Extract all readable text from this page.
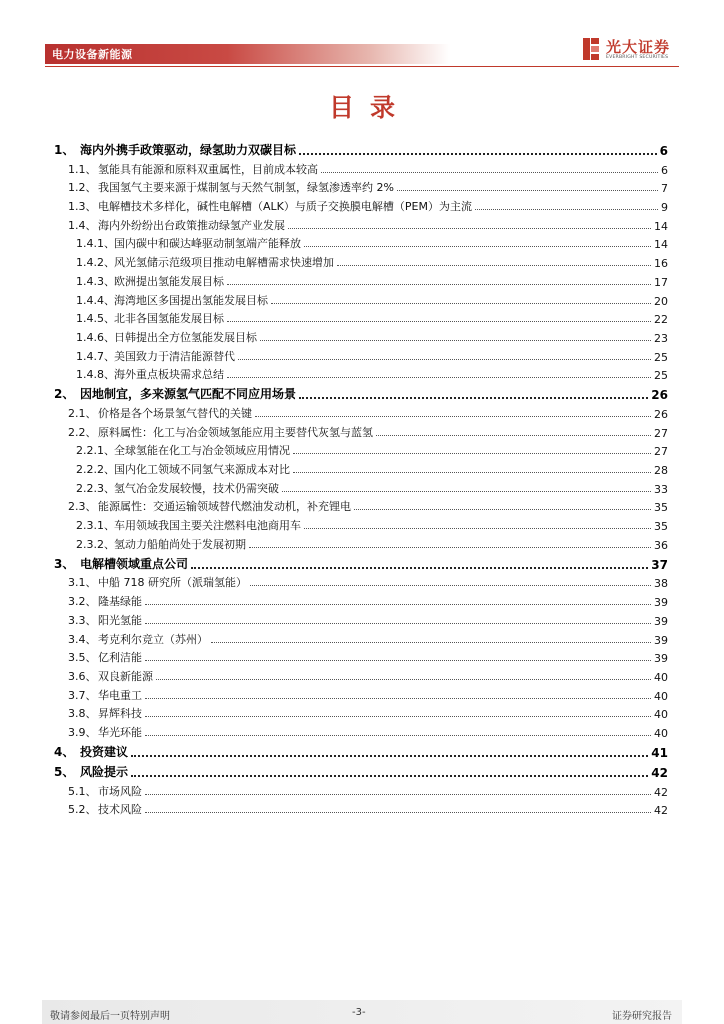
电力设备新能源	光大证券
EVERBRIGHT SECURITIES
目录
1、 海内外携手政策驱动，绿氢助力双碳目标	6
1.1、 氢能具有能源和原料双重属性，目前成本较高	6
1.2、 我国氢气主要来源于煤制氢与天然气制氢，绿氢渗透率约 2%	7
1.3、 电解槽技术多样化，碱性电解槽（ALK）与质子交换膜电解槽（PEM）为主流	9
1.4、 海内外纷纷出台政策推动绿氢产业发展	14
1.4.1、 国内碳中和碳达峰驱动制氢端产能释放	14
1.4.2、 风光氢储示范级项目推动电解槽需求快速增加	16
1.4.3、 欧洲提出氢能发展目标	17
1.4.4、 海湾地区多国提出氢能发展目标	20
1.4.5、 北非各国氢能发展目标	22
1.4.6、 日韩提出全方位氢能发展目标	23
1.4.7、 美国致力于清洁能源替代	25
1.4.8、 海外重点板块需求总结	25
2、 因地制宜，多来源氢气匹配不同应用场景	26
2.1、 价格是各个场景氢气替代的关键	26
2.2、 原料属性：化工与冶金领域氢能应用主要替代灰氢与蓝氢	27
2.2.1、 全球氢能在化工与冶金领域应用情况	27
2.2.2、 国内化工领域不同氢气来源成本对比	28
2.2.3、 氢气冶金发展较慢，技术仍需突破	33
2.3、 能源属性：交通运输领域替代燃油发动机，补充锂电	35
2.3.1、 车用领域我国主要关注燃料电池商用车	35
2.3.2、 氢动力船舶尚处于发展初期	36
3、 电解槽领域重点公司	37
3.1、 中船 718 研究所（派瑞氢能）	38
3.2、 隆基绿能	39
3.3、 阳光氢能	39
3.4、 考克利尔竞立（苏州）	39
3.5、 亿利洁能	39
3.6、 双良新能源	40
3.7、 华电重工	40
3.8、 昇辉科技	40
3.9、 华光环能	40
4、 投资建议	41
5、 风险提示	42
5.1、 市场风险	42
5.2、 技术风险	42
敬请参阅最后一页特别声明	-3-	证券研究报告
